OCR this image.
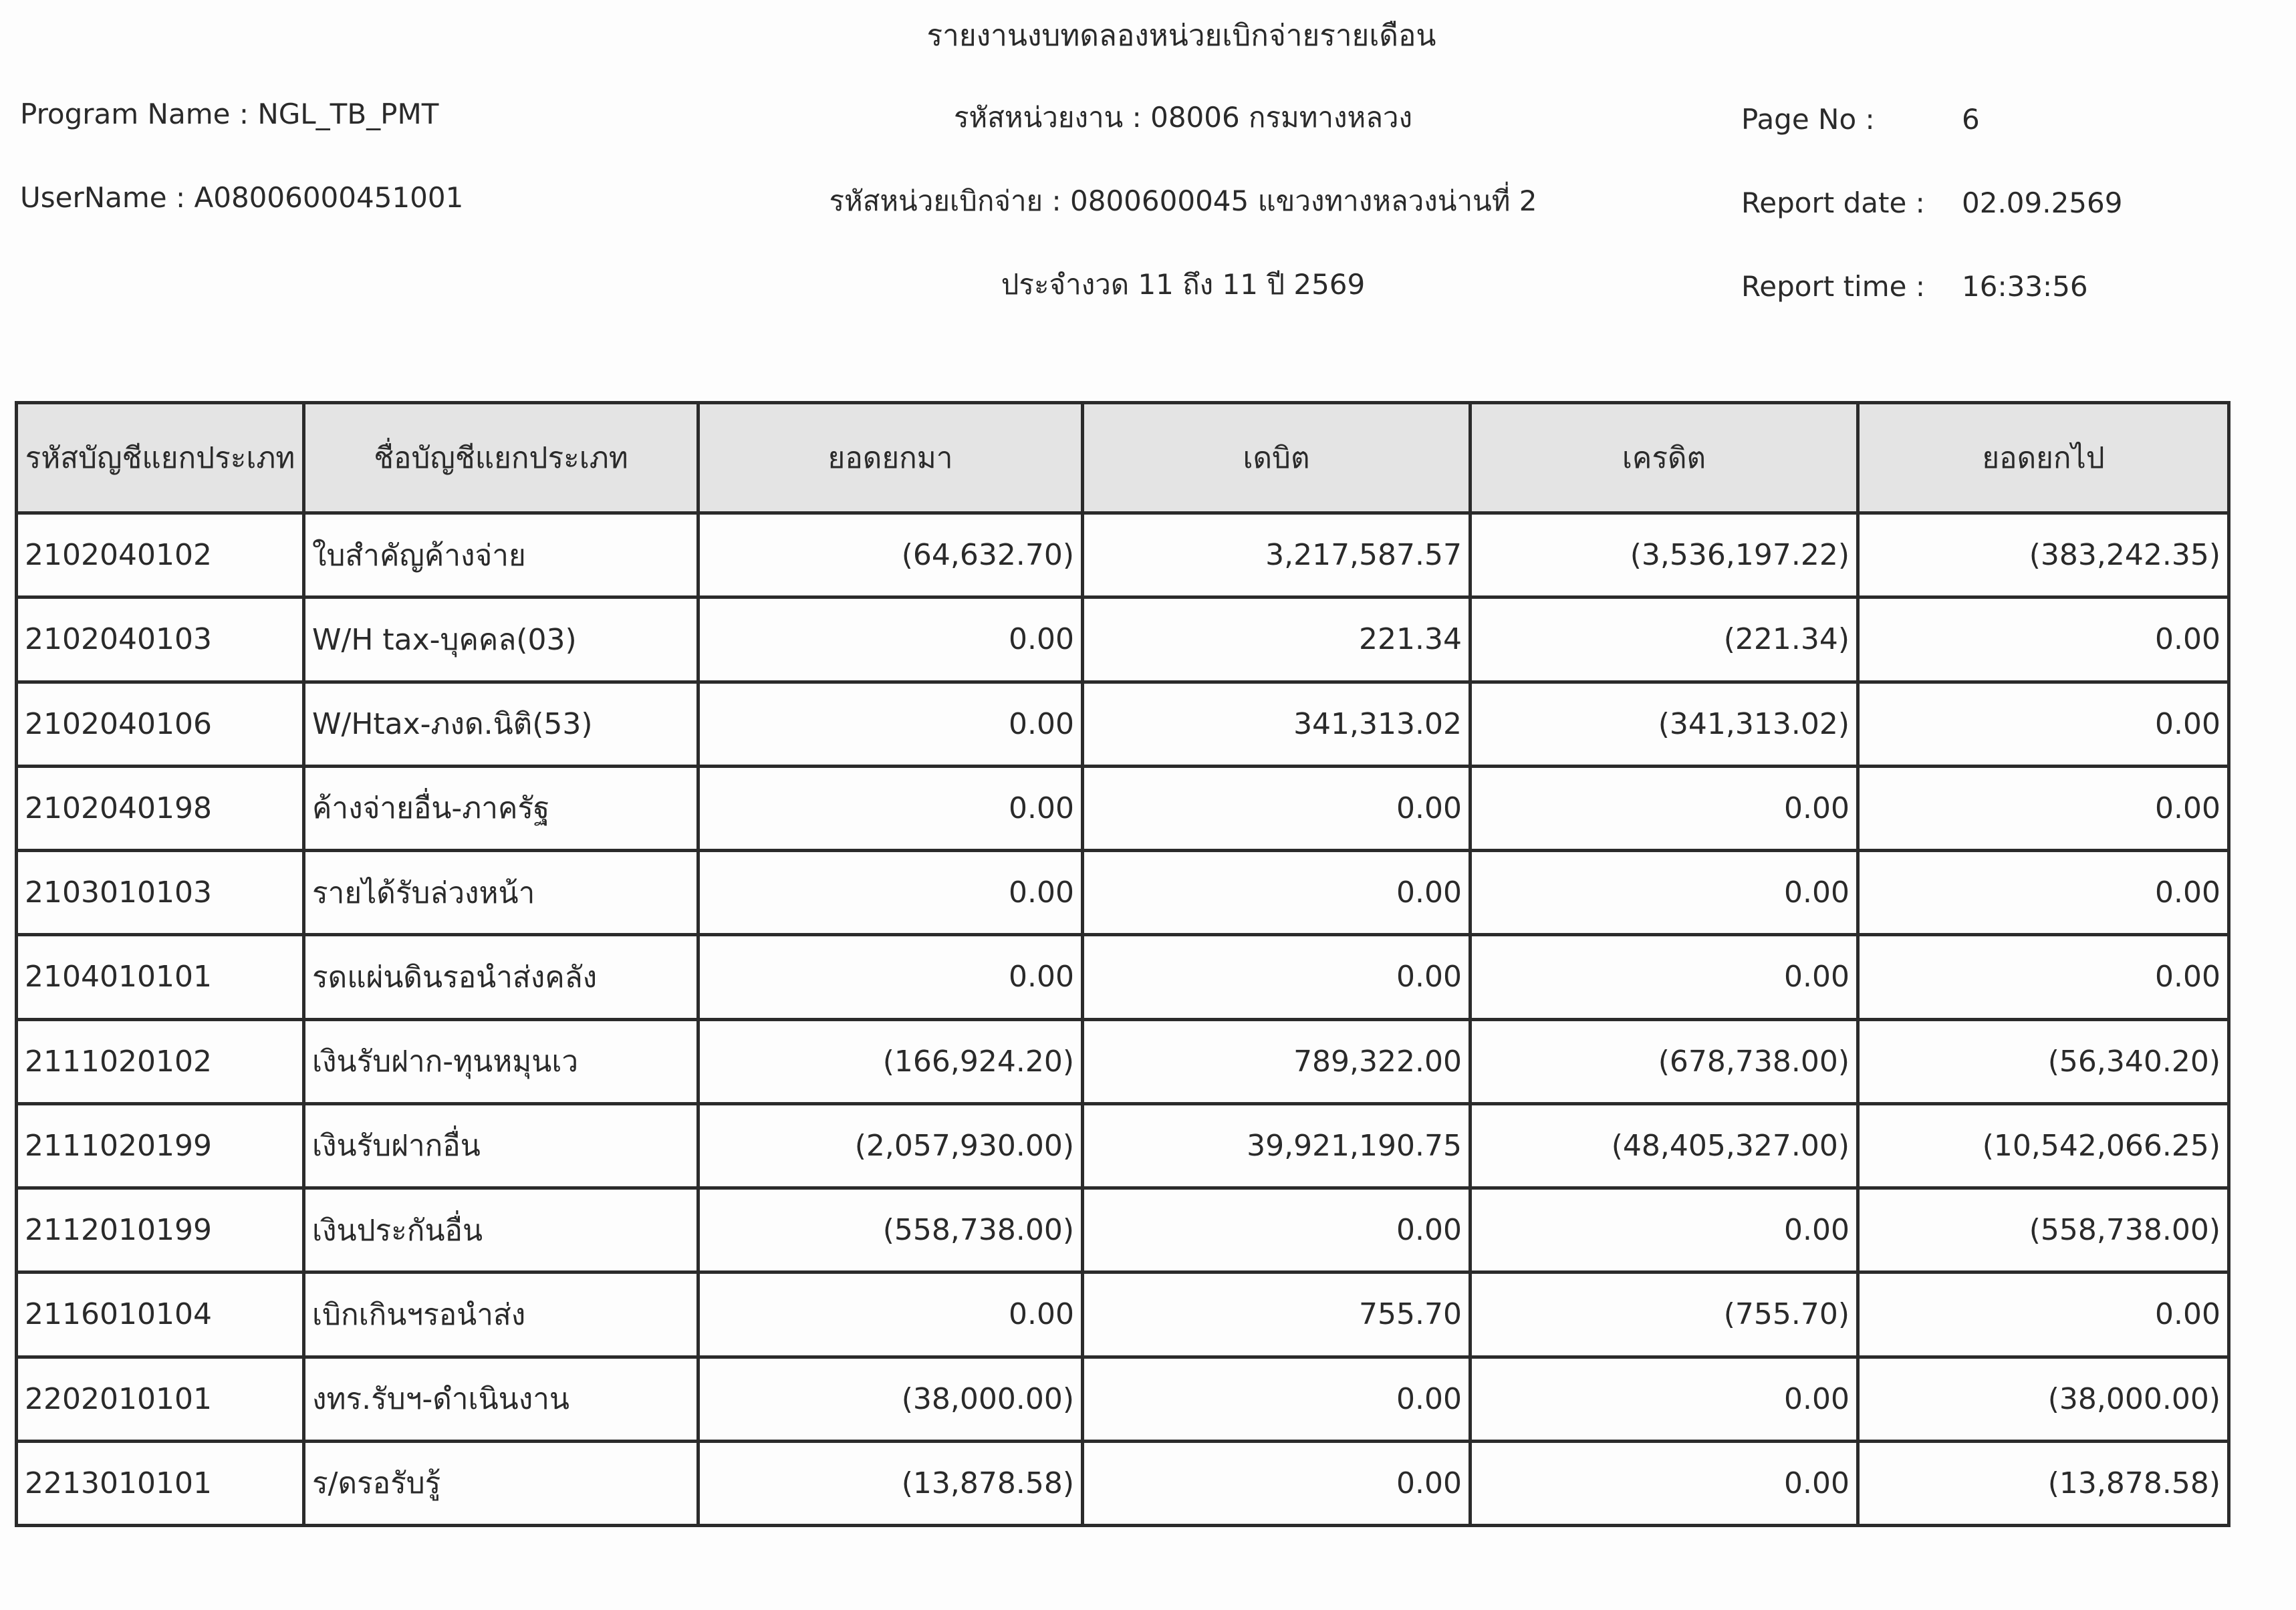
รายงานงบทดลองหน่วยเบิกจ่ายรายเดือน
Program Name : NGL_TB_PMT
UserName : A08006000451001
รหัสหน่วยงาน : 08006 กรมทางหลวง
รหัสหน่วยเบิกจ่าย : 0800600045 แขวงทางหลวงน่านที่ 2
ประจำงวด 11 ถึง 11 ปี 2569
Page No :	6
Report date : 02.09.2569
Report time : 16:33:56
รหัสบัญชีแยกประเภท	ชื่อบัญชีแยกประเภท	ยอดยกมา	เดบิต	เครดิต	ยอดยกไป
2102040102	ใบสำคัญค้างจ่าย	(64,632.70)	3,217,587.57	(3,536,197.22)	(383,242.35)
2102040103	W/H tax-บุคคล(03)	0.00	221.34	(221.34)	0.00
2102040106	W/Htax-ภงด.นิติ(53)	0.00	341,313.02	(341,313.02)	0.00
2102040198	ค้างจ่ายอื่น-ภาครัฐ	0.00	0.00	0.00	0.00
2103010103	รายได้รับล่วงหน้า	0.00	0.00	0.00	0.00
2104010101	รดแผ่นดินรอนำส่งคลัง	0.00	0.00	0.00	0.00
2111020102	เงินรับฝาก-ทุนหมุนเว	(166,924.20)	789,322.00	(678,738.00)	(56,340.20)
2111020199	เงินรับฝากอื่น	(2,057,930.00)	39,921,190.75	(48,405,327.00)	(10,542,066.25)
2112010199	เงินประกันอื่น	(558,738.00)	0.00	0.00	(558,738.00)
2116010104	เบิกเกินฯรอนำส่ง	0.00	755.70	(755.70)	0.00
2202010101	งทร.รับฯ-ดำเนินงาน	(38,000.00)	0.00	0.00	(38,000.00)
2213010101	ร/ดรอรับรู้	(13,878.58)	0.00	0.00	(13,878.58)
